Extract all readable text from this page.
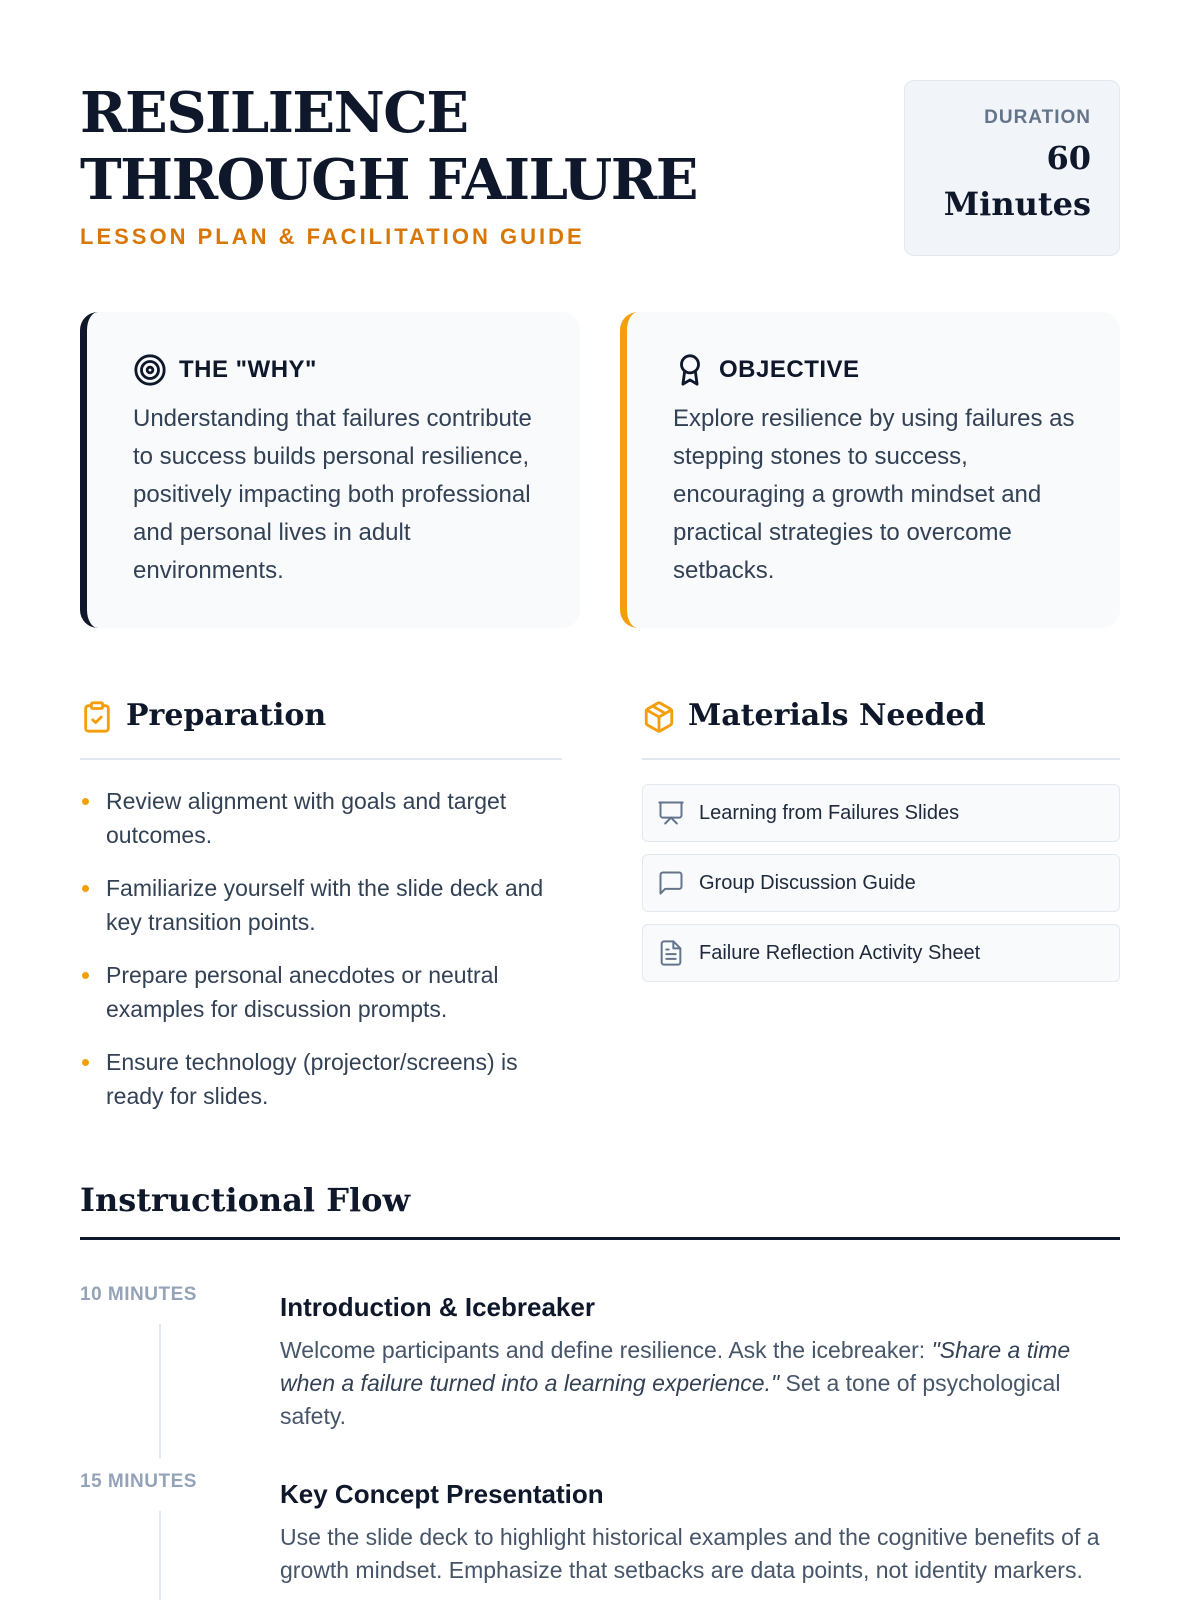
RESILIENCE THROUGH FAILURE
LESSON PLAN & FACILITATION GUIDE
DURATION
60 Minutes
THE "WHY"

Understanding that failures contribute to success builds personal resilience, positively impacting both professional and personal lives in adult environments.

OBJECTIVE

Explore resilience by using failures as stepping stones to success, encouraging a growth mindset and practical strategies to overcome setbacks.

Preparation
Review alignment with goals and target outcomes.
Familiarize yourself with the slide deck and key transition points.
Prepare personal anecdotes or neutral examples for discussion prompts.
Ensure technology (projector/screens) is ready for slides.
Materials Needed
Learning from Failures Slides
Group Discussion Guide
Failure Reflection Activity Sheet
Instructional Flow
10 MINUTES	Introduction & Icebreaker

Welcome participants and define resilience. Ask the icebreaker: "Share a time when a failure turned into a learning experience." Set a tone of psychological safety.

15 MINUTES	Key Concept Presentation

Use the slide deck to highlight historical examples and the cognitive benefits of a growth mindset. Emphasize that setbacks are data points, not identity markers.
